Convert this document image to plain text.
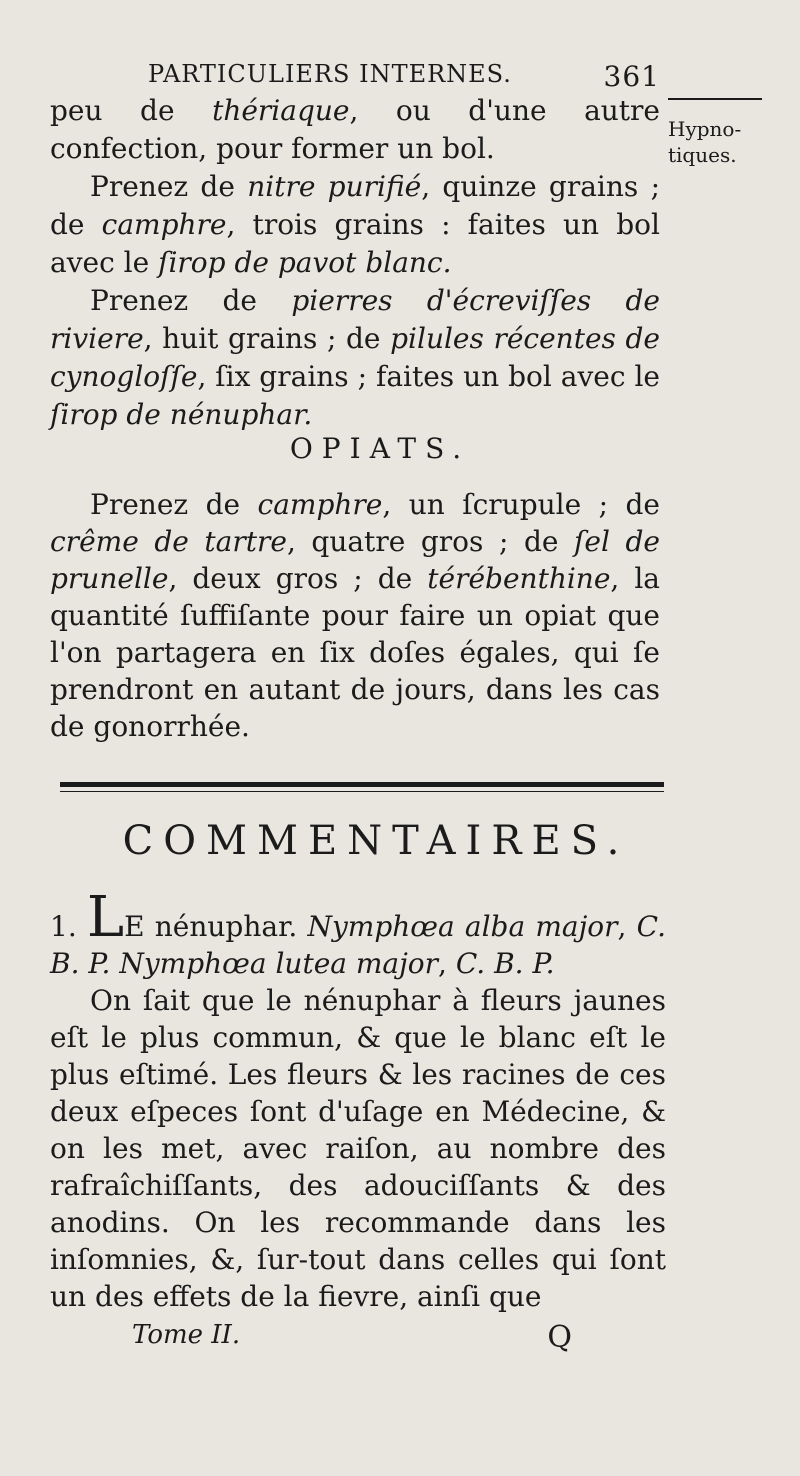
PARTICULIERS INTERNES.	361
Hypno-tiques.

peu de thériaque, ou d'une autre confection, pour former un bol.

Prenez de nitre purifié, quinze grains ; de camphre, trois grains : faites un bol avec le ſirop de pavot blanc.

Prenez de pierres d'écreviſſes de riviere, huit grains ; de pilules récentes de cynogloſſe, ſix grains ; faites un bol avec le ſirop de nénuphar.

OPIATS.

Prenez de camphre, un ſcrupule ; de crême de tartre, quatre gros ; de ſel de prunelle, deux gros ; de térébenthine, la quantité ſuffiſante pour faire un opiat que l'on partagera en ſix doſes égales, qui ſe prendront en autant de jours, dans les cas de gonorrhée.

COMMENTAIRES.

1. LE nénuphar. Nymphœa alba major, C. B. P. Nymphœa lutea major, C. B. P.

On ſait que le nénuphar à fleurs jaunes eſt le plus commun, & que le blanc eſt le plus eſtimé. Les fleurs & les racines de ces deux eſpeces ſont d'uſage en Médecine, & on les met, avec raiſon, au nombre des rafraîchiſſants, des adouciſſants & des anodins. On les recommande dans les inſomnies, &, ſur-tout dans celles qui ſont un des effets de la fievre, ainſi que

Tome II.	Q
